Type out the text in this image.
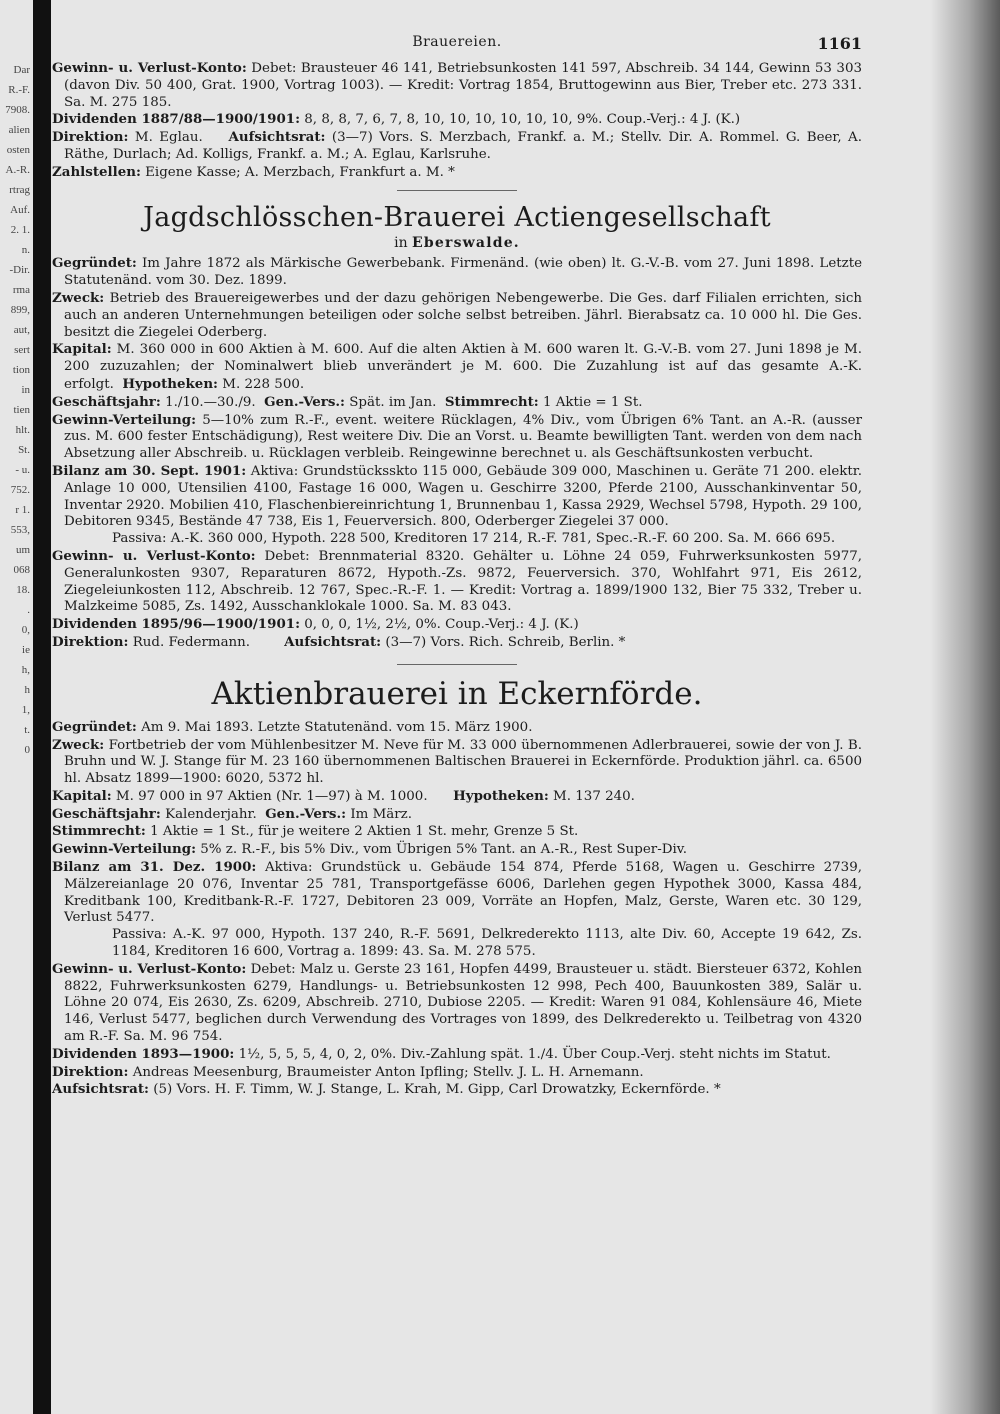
Dar
R.-F.
7908.
alien
osten
A.-R.
rtrag
Auf.
2. 1.
n.
-Dir.
rma
899,
aut,
sert
tion
in
tien
hlt.
St.
- u.
752.
r 1.
553,
um
068
18.
.
0,
ie
h,
h
1,
t.
0
Brauereien.	1161

Gewinn- u. Verlust-Konto: Debet: Brausteuer 46 141, Betriebsunkosten 141 597, Abschreib. 34 144, Gewinn 53 303 (davon Div. 50 400, Grat. 1900, Vortrag 1003). — Kredit: Vortrag 1854, Bruttogewinn aus Bier, Treber etc. 273 331. Sa. M. 275 185.

Dividenden 1887/88—1900/1901: 8, 8, 8, 7, 6, 7, 8, 10, 10, 10, 10, 10, 10, 9%. Coup.-Verj.: 4 J. (K.)

Direktion: M. Eglau. Aufsichtsrat: (3—7) Vors. S. Merzbach, Frankf. a. M.; Stellv. Dir. A. Rommel. G. Beer, A. Räthe, Durlach; Ad. Kolligs, Frankf. a. M.; A. Eglau, Karlsruhe.

Zahlstellen: Eigene Kasse; A. Merzbach, Frankfurt a. M. *

Jagdschlösschen-Brauerei Actiengesellschaft
in Eberswalde.

Gegründet: Im Jahre 1872 als Märkische Gewerbebank. Firmenänd. (wie oben) lt. G.-V.-B. vom 27. Juni 1898. Letzte Statutenänd. vom 30. Dez. 1899.

Zweck: Betrieb des Brauereigewerbes und der dazu gehörigen Nebengewerbe. Die Ges. darf Filialen errichten, sich auch an anderen Unternehmungen beteiligen oder solche selbst betreiben. Jährl. Bierabsatz ca. 10 000 hl. Die Ges. besitzt die Ziegelei Oderberg.

Kapital: M. 360 000 in 600 Aktien à M. 600. Auf die alten Aktien à M. 600 waren lt. G.-V.-B. vom 27. Juni 1898 je M. 200 zuzuzahlen; der Nominalwert blieb unverändert je M. 600. Die Zuzahlung ist auf das gesamte A.-K. erfolgt. Hypotheken: M. 228 500.

Geschäftsjahr: 1./10.—30./9. Gen.-Vers.: Spät. im Jan. Stimmrecht: 1 Aktie = 1 St.

Gewinn-Verteilung: 5—10% zum R.-F., event. weitere Rücklagen, 4% Div., vom Übrigen 6% Tant. an A.-R. (ausser zus. M. 600 fester Entschädigung), Rest weitere Div. Die an Vorst. u. Beamte bewilligten Tant. werden von dem nach Absetzung aller Abschreib. u. Rücklagen verbleib. Reingewinne berechnet u. als Geschäftsunkosten verbucht.

Bilanz am 30. Sept. 1901: Aktiva: Grundstücksskto 115 000, Gebäude 309 000, Maschinen u. Geräte 71 200. elektr. Anlage 10 000, Utensilien 4100, Fastage 16 000, Wagen u. Geschirre 3200, Pferde 2100, Ausschankinventar 50, Inventar 2920. Mobilien 410, Flaschenbiereinrichtung 1, Brunnenbau 1, Kassa 2929, Wechsel 5798, Hypoth. 29 100, Debitoren 9345, Bestände 47 738, Eis 1, Feuerversich. 800, Oderberger Ziegelei 37 000.

Passiva: A.-K. 360 000, Hypoth. 228 500, Kreditoren 17 214, R.-F. 781, Spec.-R.-F. 60 200. Sa. M. 666 695.

Gewinn- u. Verlust-Konto: Debet: Brennmaterial 8320. Gehälter u. Löhne 24 059, Fuhrwerksunkosten 5977, Generalunkosten 9307, Reparaturen 8672, Hypoth.-Zs. 9872, Feuerversich. 370, Wohlfahrt 971, Eis 2612, Ziegeleiunkosten 112, Abschreib. 12 767, Spec.-R.-F. 1. — Kredit: Vortrag a. 1899/1900 132, Bier 75 332, Treber u. Malzkeime 5085, Zs. 1492, Ausschanklokale 1000. Sa. M. 83 043.

Dividenden 1895/96—1900/1901: 0, 0, 0, 1½, 2½, 0%. Coup.-Verj.: 4 J. (K.)

Direktion: Rud. Federmann.	Aufsichtsrat: (3—7) Vors. Rich. Schreib, Berlin. *

Aktienbrauerei in Eckernförde.

Gegründet: Am 9. Mai 1893. Letzte Statutenänd. vom 15. März 1900.

Zweck: Fortbetrieb der vom Mühlenbesitzer M. Neve für M. 33 000 übernommenen Adlerbrauerei, sowie der von J. B. Bruhn und W. J. Stange für M. 23 160 übernommenen Baltischen Brauerei in Eckernförde. Produktion jährl. ca. 6500 hl. Absatz 1899—1900: 6020, 5372 hl.

Kapital: M. 97 000 in 97 Aktien (Nr. 1—97) à M. 1000. Hypotheken: M. 137 240.

Geschäftsjahr: Kalenderjahr. Gen.-Vers.: Im März.

Stimmrecht: 1 Aktie = 1 St., für je weitere 2 Aktien 1 St. mehr, Grenze 5 St.

Gewinn-Verteilung: 5% z. R.-F., bis 5% Div., vom Übrigen 5% Tant. an A.-R., Rest Super-Div.

Bilanz am 31. Dez. 1900: Aktiva: Grundstück u. Gebäude 154 874, Pferde 5168, Wagen u. Geschirre 2739, Mälzereianlage 20 076, Inventar 25 781, Transportgefässe 6006, Darlehen gegen Hypothek 3000, Kassa 484, Kreditbank 100, Kreditbank-R.-F. 1727, Debitoren 23 009, Vorräte an Hopfen, Malz, Gerste, Waren etc. 30 129, Verlust 5477.

Passiva: A.-K. 97 000, Hypoth. 137 240, R.-F. 5691, Delkrederekto 1113, alte Div. 60, Accepte 19 642, Zs. 1184, Kreditoren 16 600, Vortrag a. 1899: 43. Sa. M. 278 575.

Gewinn- u. Verlust-Konto: Debet: Malz u. Gerste 23 161, Hopfen 4499, Brausteuer u. städt. Biersteuer 6372, Kohlen 8822, Fuhrwerksunkosten 6279, Handlungs- u. Betriebsunkosten 12 998, Pech 400, Bauunkosten 389, Salär u. Löhne 20 074, Eis 2630, Zs. 6209, Abschreib. 2710, Dubiose 2205. — Kredit: Waren 91 084, Kohlensäure 46, Miete 146, Verlust 5477, beglichen durch Verwendung des Vortrages von 1899, des Delkrederekto u. Teilbetrag von 4320 am R.-F. Sa. M. 96 754.

Dividenden 1893—1900: 1½, 5, 5, 5, 4, 0, 2, 0%. Div.-Zahlung spät. 1./4. Über Coup.-Verj. steht nichts im Statut.

Direktion: Andreas Meesenburg, Braumeister Anton Ipfling; Stellv. J. L. H. Arnemann.

Aufsichtsrat: (5) Vors. H. F. Timm, W. J. Stange, L. Krah, M. Gipp, Carl Drowatzky, Eckernförde. *
